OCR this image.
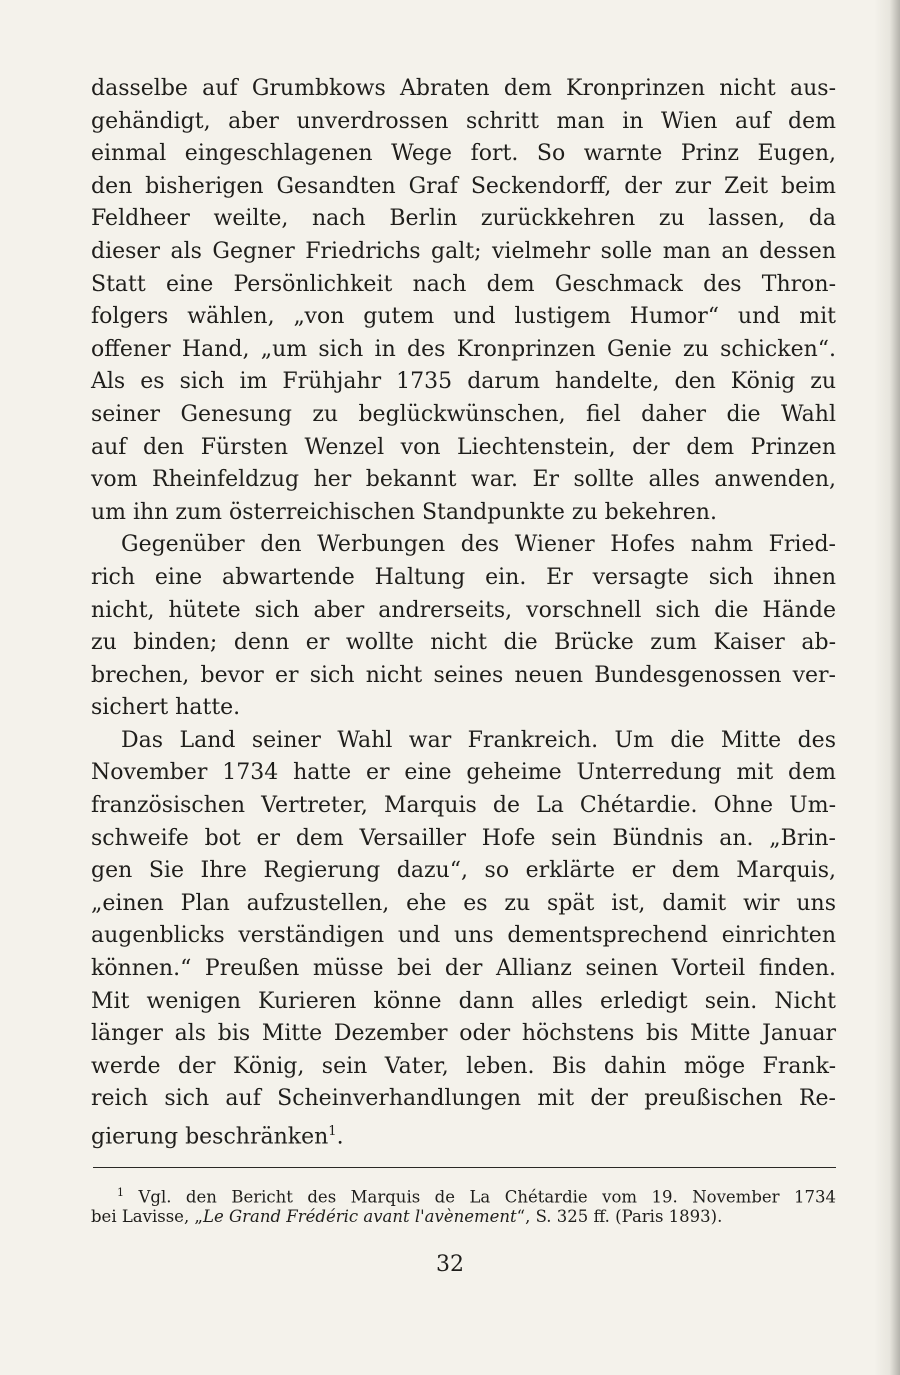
dasselbe auf Grumbkows Abraten dem Kronprinzen nicht aus-
gehändigt, aber unverdrossen schritt man in Wien auf dem
einmal eingeschlagenen Wege fort. So warnte Prinz Eugen,
den bisherigen Gesandten Graf Seckendorff, der zur Zeit beim
Feldheer weilte, nach Berlin zurückkehren zu lassen, da
dieser als Gegner Friedrichs galt; vielmehr solle man an dessen
Statt eine Persönlichkeit nach dem Geschmack des Thron-
folgers wählen, „von gutem und lustigem Humor“ und mit
offener Hand, „um sich in des Kronprinzen Genie zu schicken“.
Als es sich im Frühjahr 1735 darum handelte, den König zu
seiner Genesung zu beglückwünschen, fiel daher die Wahl
auf den Fürsten Wenzel von Liechtenstein, der dem Prinzen
vom Rheinfeldzug her bekannt war. Er sollte alles anwenden,
um ihn zum österreichischen Standpunkte zu bekehren.
Gegenüber den Werbungen des Wiener Hofes nahm Fried-
rich eine abwartende Haltung ein. Er versagte sich ihnen
nicht, hütete sich aber andrerseits, vorschnell sich die Hände
zu binden; denn er wollte nicht die Brücke zum Kaiser ab-
brechen, bevor er sich nicht seines neuen Bundesgenossen ver-
sichert hatte.
Das Land seiner Wahl war Frankreich. Um die Mitte des
November 1734 hatte er eine geheime Unterredung mit dem
französischen Vertreter, Marquis de La Chétardie. Ohne Um-
schweife bot er dem Versailler Hofe sein Bündnis an. „Brin-
gen Sie Ihre Regierung dazu“, so erklärte er dem Marquis,
„einen Plan aufzustellen, ehe es zu spät ist, damit wir uns
augenblicks verständigen und uns dementsprechend einrichten
können.“ Preußen müsse bei der Allianz seinen Vorteil finden.
Mit wenigen Kurieren könne dann alles erledigt sein. Nicht
länger als bis Mitte Dezember oder höchstens bis Mitte Januar
werde der König, sein Vater, leben. Bis dahin möge Frank-
reich sich auf Scheinverhandlungen mit der preußischen Re-
gierung beschränken$^1$.
$^1$ Vgl. den Bericht des Marquis de La Chétardie vom 19. November 1734
bei Lavisse, „Le Grand Frédéric avant l'avènement“, S. 325 ff. (Paris 1893).
32
